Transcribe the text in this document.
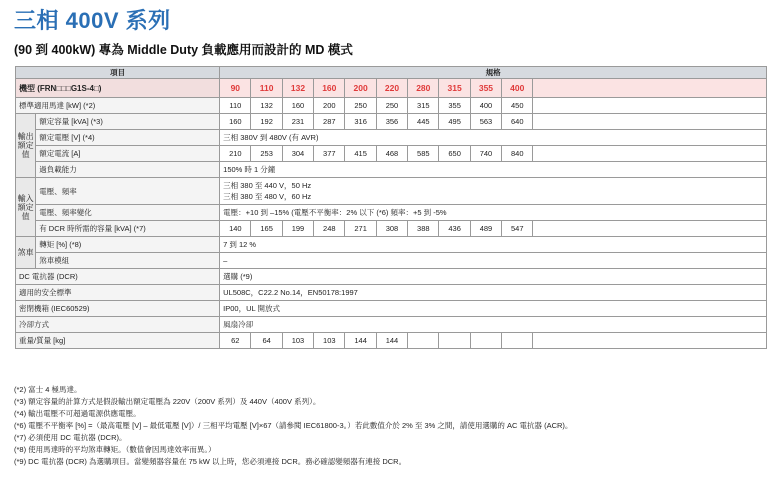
三相 400V 系列
(90 到 400kW) 專為 Middle Duty 負載應用而設計的 MD 模式
項目		規格										
機型 (FRN□□□G1S-4□)		90	110	132	160	200	220	280	315	355	400	
標準適用馬達 [kW] (*2)		110	132	160	200	250	250	315	355	400	450	
輸出額定值	額定容量 [kVA] (*3)	160	192	231	287	316	356	445	495	563	640	
	額定電壓 [V] (*4)	三相 380V 到 480V (有 AVR)										
	額定電流 [A]	210	253	304	377	415	468	585	650	740	840	
	過負載能力	150% 時 1 分鐘										
輸入額定值	電壓、頻率	三相 380 至 440 V，50 Hz
三相 380 至 480 V，60 Hz										
	電壓、頻率變化	電壓：+10 到 –15% (電壓不平衡率：2% 以下 (*6) 頻率：+5 到 -5%										
	有 DCR 時所需的容量 [kVA] (*7)	140	165	199	248	271	308	388	436	489	547	
煞車	轉矩 [%] (*8)	7 到 12 %										
	煞車模組	–										
DC 電抗器 (DCR)		選購 (*9)										
適用的安全標準		UL508C，C22.2 No.14，EN50178:1997										
密閉機箱 (IEC60529)		IP00，UL 開放式										
冷卻方式		風扇冷卻										
重量/質量 [kg]		62	64	103	103	144	144					
(*2) 富士 4 極馬達。
(*3) 額定容量的計算方式是假設輸出額定電壓為 220V（200V 系列）及 440V（400V 系列）。
(*4) 輸出電壓不可超過電源供應電壓。
(*6) 電壓不平衡率 [%] =（最高電壓 [V] – 最低電壓 [V]）/ 三相平均電壓 [V]×67（請參閱 IEC61800-3。）若此數值介於 2% 至 3% 之間，請使用選購的 AC 電抗器 (ACR)。
(*7) 必須使用 DC 電抗器 (DCR)。
(*8) 使用馬達時的平均煞車轉矩。（數值會因馬達效率而異。）
(*9) DC 電抗器 (DCR) 為選購項目。當變頻器容量在 75 kW 以上時，您必須連接 DCR。務必確認變頻器有連接 DCR。
